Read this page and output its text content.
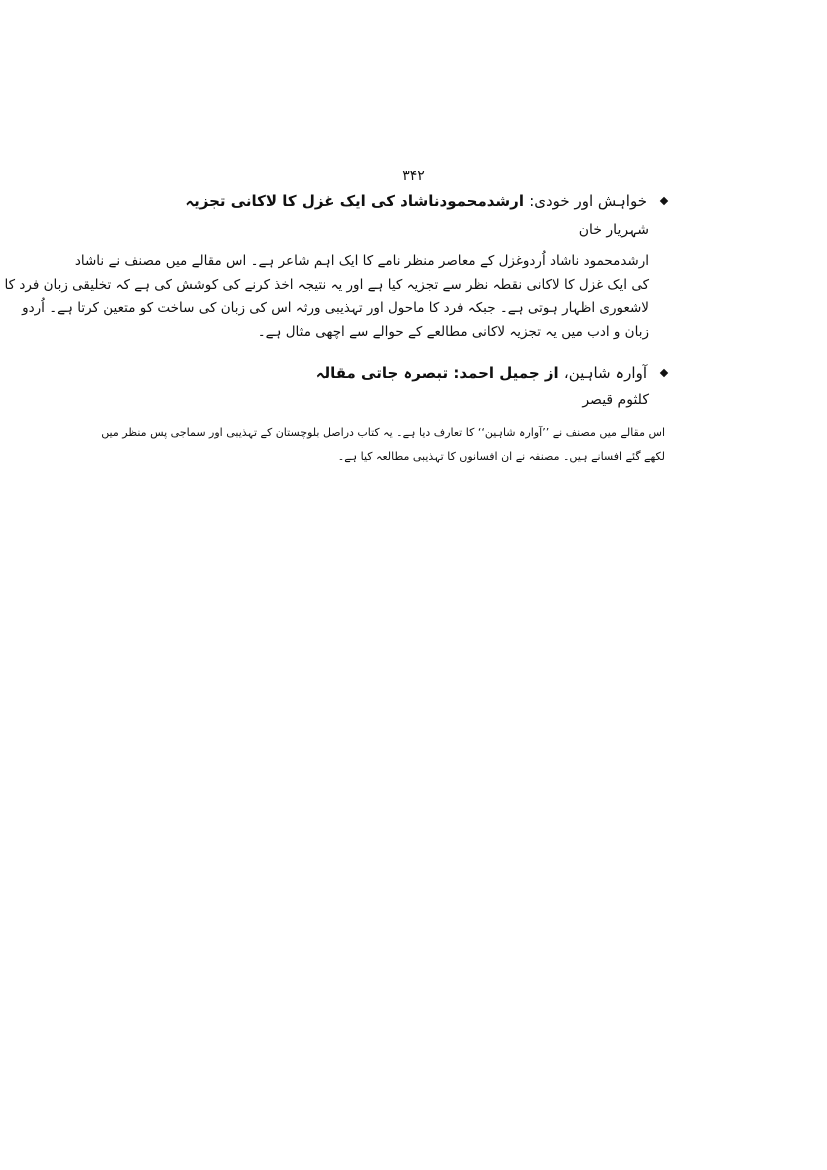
۳۴۲
خواہش اور خودی: ارشدمحمودناشاد کی ایک غزل کا لاکانی تجزیہ
شہریار خان
ارشدمحمود ناشاد اُردوغزل کے معاصر منظر نامے کا ایک اہم شاعر ہے۔ اس مقالے میں مصنف نے ناشاد
کی ایک غزل کا لاکانی نقطہ نظر سے تجزیہ کیا ہے اور یہ نتیجہ اخذ کرنے کی کوشش کی ہے کہ تخلیقی زبان فرد کا
لاشعوری اظہار ہوتی ہے۔ جبکہ فرد کا ماحول اور تہذیبی ورثہ اس کی زبان کی ساخت کو متعین کرتا ہے۔ اُردو
زبان و ادب میں یہ تجزیہ لاکانی مطالعے کے حوالے سے اچھی مثال ہے۔
آوارہ شاہین، از جمیل احمد: تبصرہ جاتی مقالہ
کلثوم قیصر
اس مقالے میں مصنف نے ’’آوارہ شاہین‘‘ کا تعارف دیا ہے۔ یہ کتاب دراصل بلوچستان کے تہذیبی اور سماجی پس منظر میں
لکھے گئے افسانے ہیں۔ مصنفہ نے ان افسانوں کا تہذیبی مطالعہ کیا ہے۔
